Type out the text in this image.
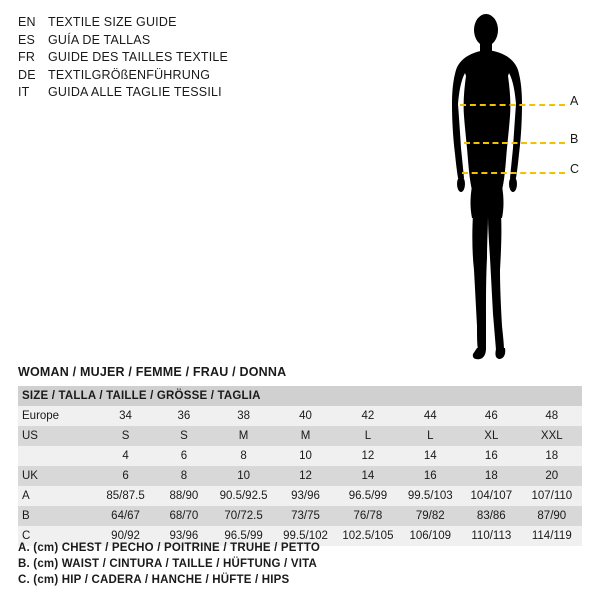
EN TEXTILE SIZE GUIDE
ES	GUÍA DE TALLAS
FR	GUIDE DES TAILLES TEXTILE
DE TEXTILGRÖßENFÜHRUNG
IT	GUIDA ALLE TAGLIE TESSILI
A
B
C
WOMAN / MUJER / FEMME / FRAU / DONNA
SIZE / TALLA / TAILLE / GRÖSSE / TAGLIA								
Europe	34	36	38	40	42	44	46	48
US	S	S	M	M	L	L	XL	XXL
	4	6	8	10	12	14	16	18
UK	6	8	10	12	14	16	18	20
A	85/87.5	88/90	90.5/92.5	93/96	96.5/99	99.5/103	104/107	107/110
B	64/67	68/70	70/72.5	73/75	76/78	79/82	83/86	87/90
C	90/92	93/96	96.5/99	99.5/102	102.5/105	106/109	110/113	114/119
A. (cm) CHEST / PECHO / POITRINE / TRUHE / PETTO
B. (cm) WAIST / CINTURA / TAILLE / HÜFTUNG / VITA
C. (cm) HIP / CADERA / HANCHE / HÜFTE / HIPS
